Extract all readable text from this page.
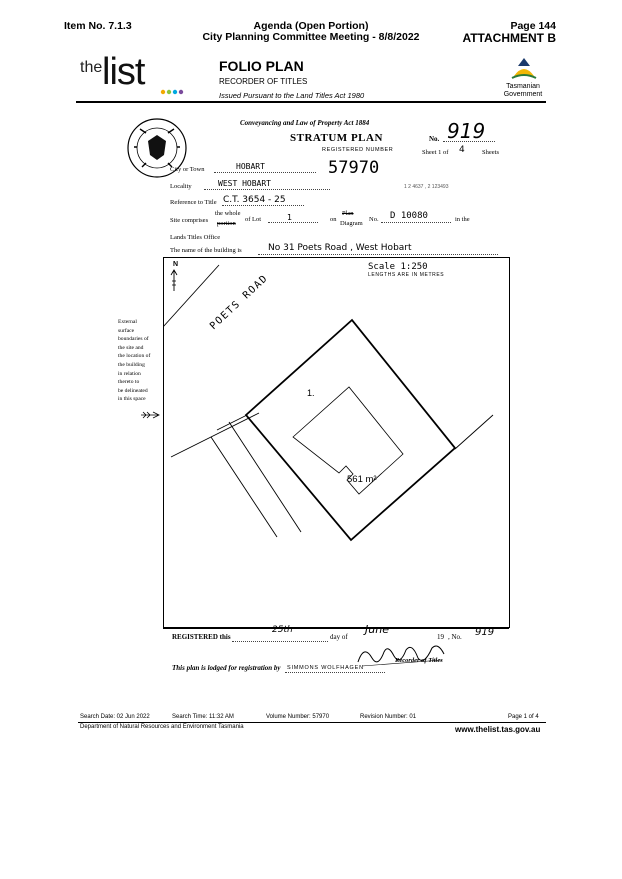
Item No. 7.1.3	Agenda (Open Portion)
City Planning Committee Meeting - 8/8/2022
Page 144
ATTACHMENT B
the list	FOLIO PLAN
RECORDER OF TITLES
Issued Pursuant to the Land Titles Act 1980
Tasmanian
Government
Conveyancing and Law of Property Act 1884
STRATUM PLAN
REGISTERED NUMBER
No. 919
Sheet 1 of 4	Sheets
City or Town	HOBART	57970
Locality	WEST HOBART	1 2 4637 , 2 123493
Reference to Title C.T. 3654 - 25
Site comprises
the whole
portion
of Lot	1	on
Plan
Diagram
No. D 10080	in the
Lands Titles Office
The name of the building is	No 31 Poets Road , West Hobart
External
surface
boundaries of
the site and
the location of
the building
in relation
thereto to
be delineated
in this space
N	Scale 1:250
LENGTHS ARE IN METRES
POETS ROAD
1.
561 m²
REGISTERED this
25th
day of
June
19 , No. 919
Recorder of Titles
This plan is lodged for registration by SIMMONS WOLFHAGEN
Search Date: 02 Jun 2022	Search Time: 11:32 AM	Volume Number: 57970	Revision Number: 01	Page 1 of 4
Department of Natural Resources and Environment Tasmania	www.thelist.tas.gov.au
